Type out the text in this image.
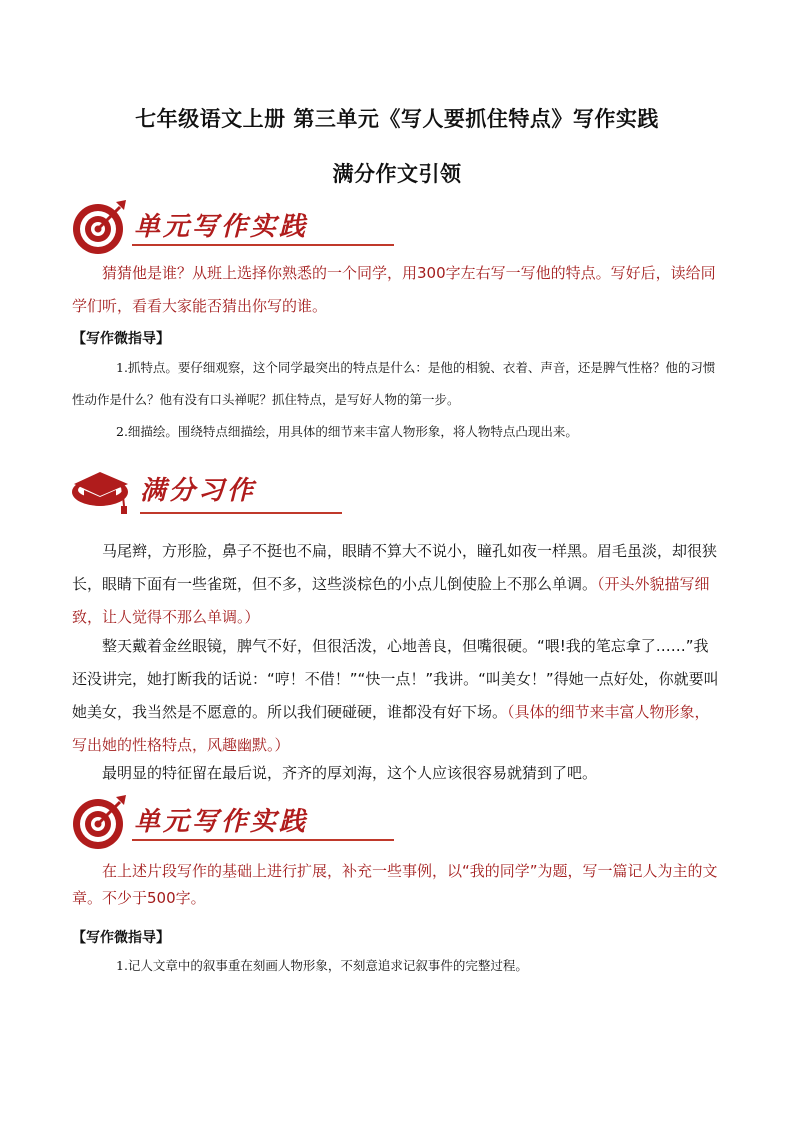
七年级语文上册 第三单元《写人要抓住特点》写作实践
满分作文引领
单元写作实践
猜猜他是谁？从班上选择你熟悉的一个同学，用300字左右写一写他的特点。写好后，读给同学们听，看看大家能否猜出你写的谁。
【写作微指导】
1.抓特点。要仔细观察，这个同学最突出的特点是什么：是他的相貌、衣着、声音，还是脾气性格？他的习惯性动作是什么？他有没有口头禅呢？抓住特点，是写好人物的第一步。
2.细描绘。围绕特点细描绘，用具体的细节来丰富人物形象，将人物特点凸现出来。
满分习作
马尾辫，方形脸，鼻子不挺也不扁，眼睛不算大不说小，瞳孔如夜一样黑。眉毛虽淡，却很狭长，眼睛下面有一些雀斑，但不多，这些淡棕色的小点儿倒使脸上不那么单调。（开头外貌描写细致，让人觉得不那么单调。）
整天戴着金丝眼镜，脾气不好，但很活泼，心地善良，但嘴很硬。“喂!我的笔忘拿了……”我还没讲完，她打断我的话说：“哼！不借！”“快一点！”我讲。“叫美女！”得她一点好处，你就要叫她美女，我当然是不愿意的。所以我们硬碰硬，谁都没有好下场。（具体的细节来丰富人物形象，写出她的性格特点，风趣幽默。）
最明显的特征留在最后说，齐齐的厚刘海，这个人应该很容易就猜到了吧。
单元写作实践
在上述片段写作的基础上进行扩展，补充一些事例，以“我的同学”为题，写一篇记人为主的文章。不少于500字。
【写作微指导】
1.记人文章中的叙事重在刻画人物形象，不刻意追求记叙事件的完整过程。
